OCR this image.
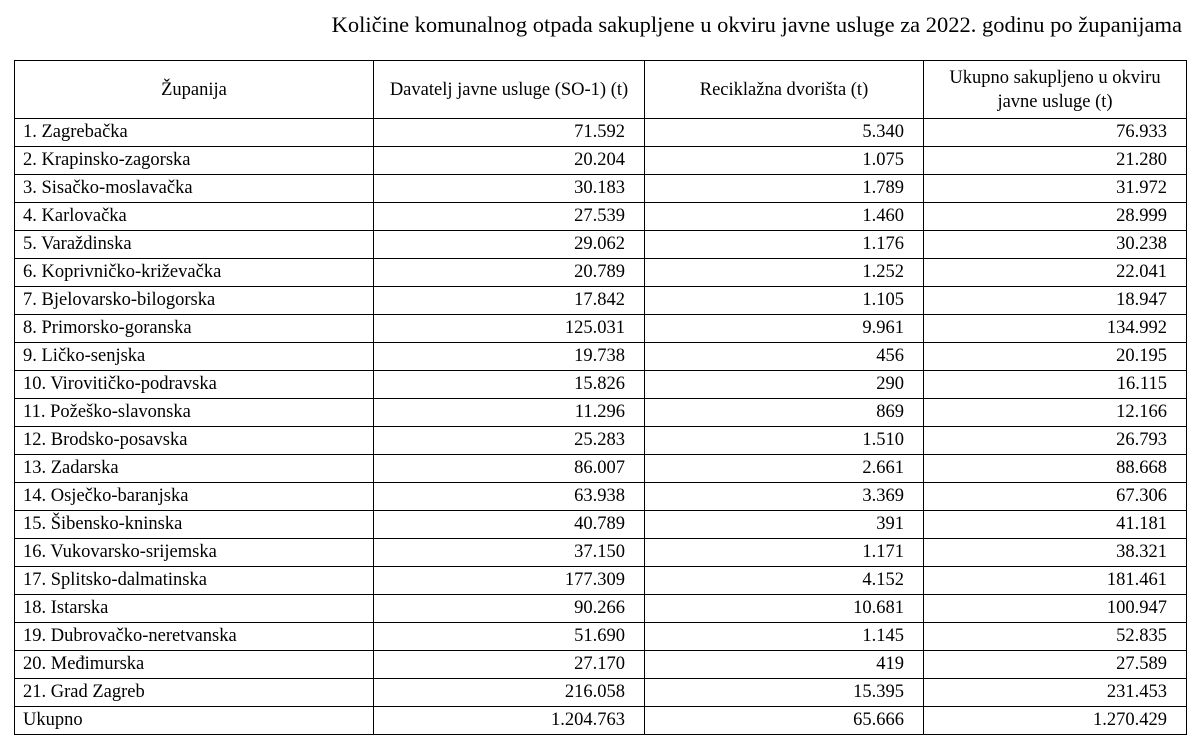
Količine komunalnog otpada sakupljene u okviru javne usluge za 2022. godinu po županijama
Županija	Davatelj javne usluge (SO-1) (t)	Reciklažna dvorišta (t)	Ukupno sakupljeno u okviru javne usluge (t)
1. Zagrebačka	71.592	5.340	76.933
2. Krapinsko-zagorska	20.204	1.075	21.280
3. Sisačko-moslavačka	30.183	1.789	31.972
4. Karlovačka	27.539	1.460	28.999
5. Varaždinska	29.062	1.176	30.238
6. Koprivničko-križevačka	20.789	1.252	22.041
7. Bjelovarsko-bilogorska	17.842	1.105	18.947
8. Primorsko-goranska	125.031	9.961	134.992
9. Ličko-senjska	19.738	456	20.195
10. Virovitičko-podravska	15.826	290	16.115
11. Požeško-slavonska	11.296	869	12.166
12. Brodsko-posavska	25.283	1.510	26.793
13. Zadarska	86.007	2.661	88.668
14. Osječko-baranjska	63.938	3.369	67.306
15. Šibensko-kninska	40.789	391	41.181
16. Vukovarsko-srijemska	37.150	1.171	38.321
17. Splitsko-dalmatinska	177.309	4.152	181.461
18. Istarska	90.266	10.681	100.947
19. Dubrovačko-neretvanska	51.690	1.145	52.835
20. Međimurska	27.170	419	27.589
21. Grad Zagreb	216.058	15.395	231.453
Ukupno	1.204.763	65.666	1.270.429
